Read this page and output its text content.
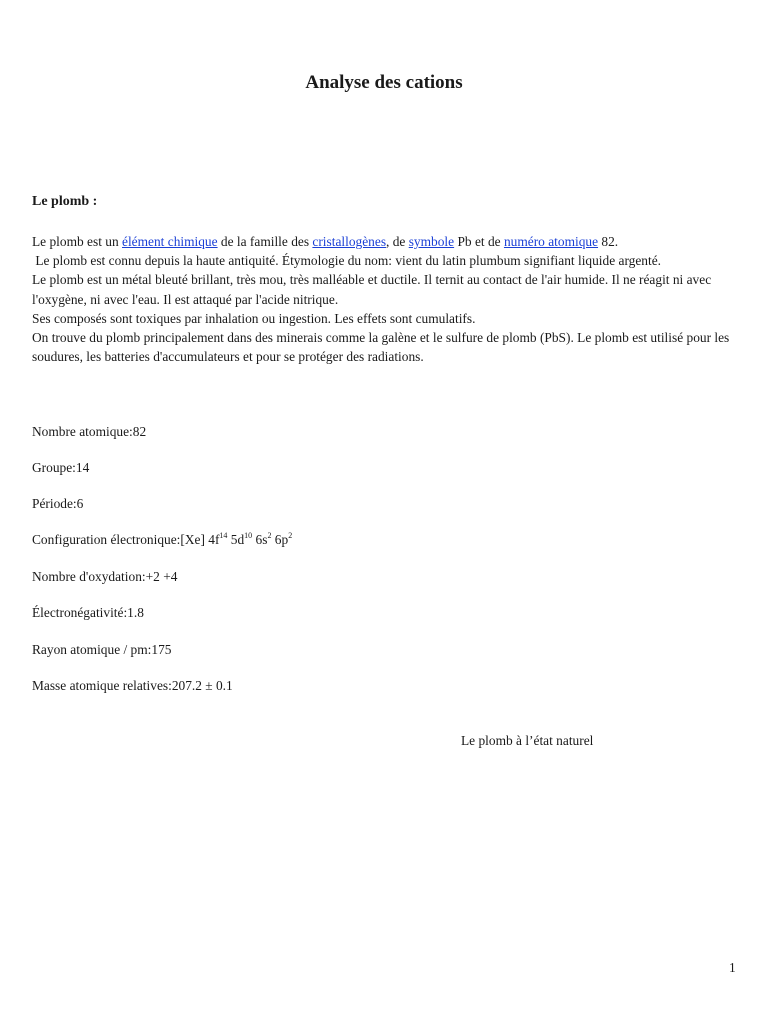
Analyse des cations
Le plomb :

Le plomb est un élément chimique de la famille des cristallogènes, de symbole Pb et de numéro atomique 82.

Le plomb est connu depuis la haute antiquité. Étymologie du nom: vient du latin plumbum signifiant liquide argenté.

Le plomb est un métal bleuté brillant, très mou, très malléable et ductile. Il ternit au contact de l'air humide. Il ne réagit ni avec l'oxygène, ni avec l'eau. Il est attaqué par l'acide nitrique.

Ses composés sont toxiques par inhalation ou ingestion. Les effets sont cumulatifs.

On trouve du plomb principalement dans des minerais comme la galène et le sulfure de plomb (PbS). Le plomb est utilisé pour les soudures, les batteries d'accumulateurs et pour se protéger des radiations.

Nombre atomique:82

Groupe:14

Période:6

Configuration électronique:[Xe] $4f^{14}$ $5d^{10}$ $6s^2$ $6p^2$

Nombre d'oxydation:+2 +4

Électronégativité:1.8

Rayon atomique / pm:175

Masse atomique relatives:207.2 ± 0.1

Le plomb à l’état naturel

1
